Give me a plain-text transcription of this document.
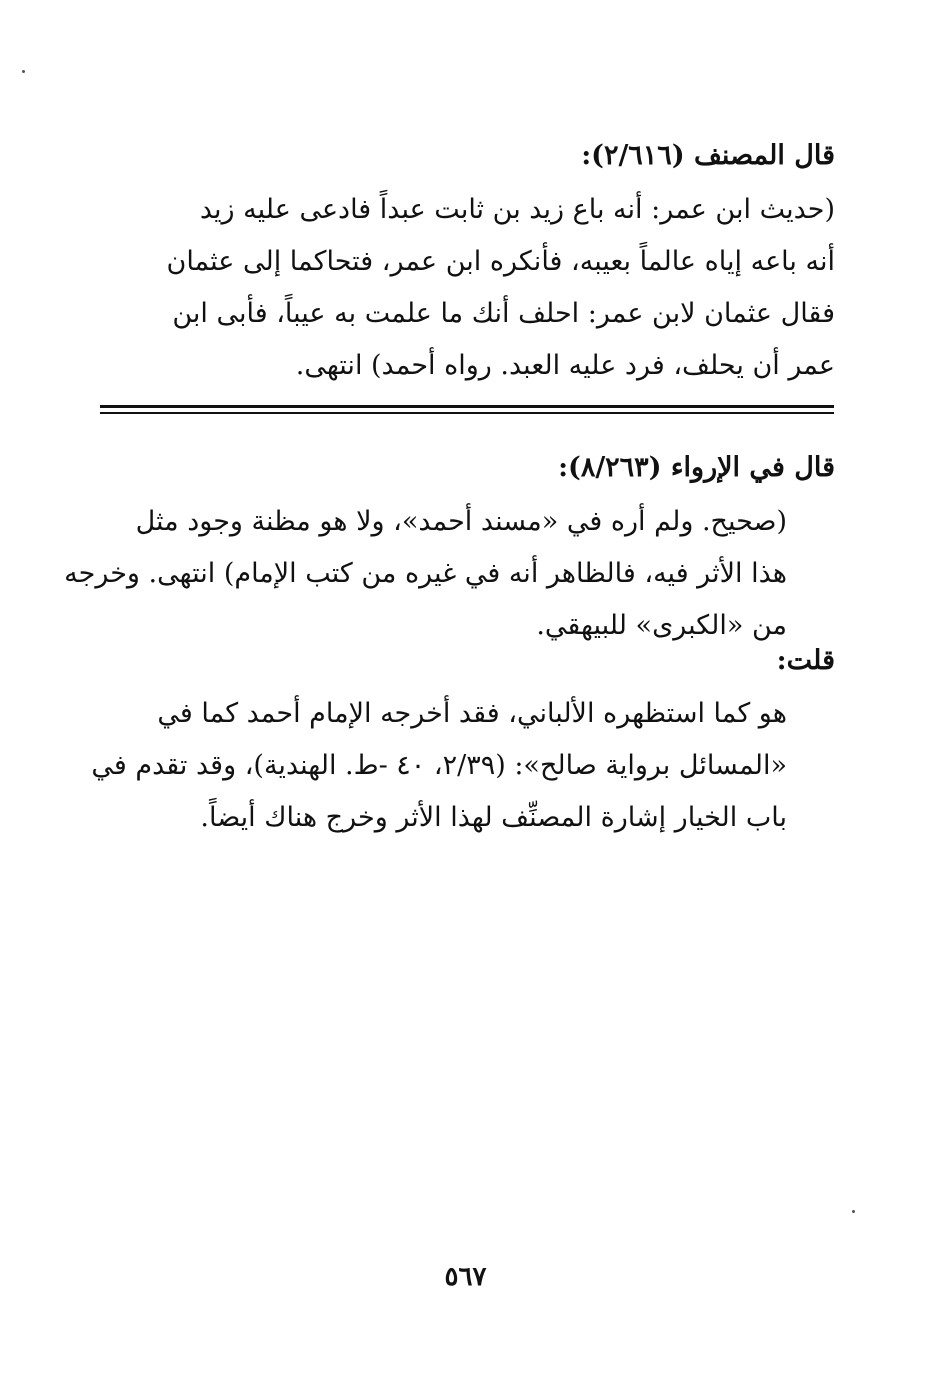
قال المصنف (٢/٦١٦):
(حديث ابن عمر: أنه باع زيد بن ثابت عبداً فادعى عليه زيد
أنه باعه إياه عالماً بعيبه، فأنكره ابن عمر، فتحاكما إلى عثمان
فقال عثمان لابن عمر: احلف أنك ما علمت به عيباً، فأبى ابن
عمر أن يحلف، فرد عليه العبد. رواه أحمد) انتهى.
قال في الإرواء (٨/٢٦٣):
(صحيح. ولم أره في «مسند أحمد»، ولا هو مظنة وجود مثل
هذا الأثر فيه، فالظاهر أنه في غيره من كتب الإمام) انتهى. وخرجه
من «الكبرى» للبيهقي.
قلت:
هو كما استظهره الألباني، فقد أخرجه الإمام أحمد كما في
«المسائل برواية صالح»: (٢/٣٩، ٤٠ -ط. الهندية)، وقد تقدم في
باب الخيار إشارة المصنِّف لهذا الأثر وخرج هناك أيضاً.
٥٦٧
